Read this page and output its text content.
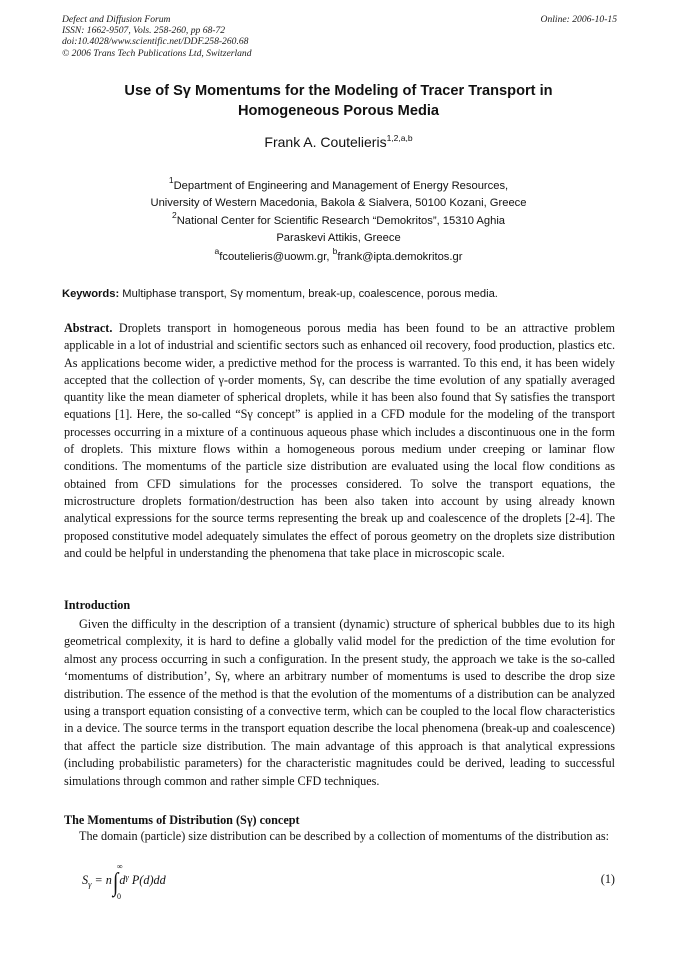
Defect and Diffusion Forum
ISSN: 1662-9507, Vols. 258-260, pp 68-72
doi:10.4028/www.scientific.net/DDF.258-260.68
© 2006 Trans Tech Publications Ltd, Switzerland
Online: 2006-10-15
Use of Sγ Momentums for the Modeling of Tracer Transport in
Homogeneous Porous Media
Frank A. Coutelieris$^{1,2,a,b}$
$^1$Department of Engineering and Management of Energy Resources,
University of Western Macedonia, Bakola & Sialvera, 50100 Kozani, Greece
$^2$National Center for Scientific Research “Demokritos”, 15310 Aghia
Paraskevi Attikis, Greece
$^a$fcoutelieris@uowm.gr, $^b$frank@ipta.demokritos.gr
Keywords: Multiphase transport, Sγ momentum, break-up, coalescence, porous media.
Abstract. Droplets transport in homogeneous porous media has been found to be an attractive problem applicable in a lot of industrial and scientific sectors such as enhanced oil recovery, food production, plastics etc. As applications become wider, a predictive method for the process is warranted. To this end, it has been widely accepted that the collection of γ-order moments, Sγ, can describe the time evolution of any spatially averaged quantity like the mean diameter of spherical droplets, while it has been also found that Sγ satisfies the transport equations [1]. Here, the so-called “Sγ concept” is applied in a CFD module for the modeling of the transport processes occurring in a mixture of a continuous aqueous phase which includes a discontinuous one in the form of droplets. This mixture flows within a homogeneous porous medium under creeping or laminar flow conditions. The momentums of the particle size distribution are evaluated using the local flow conditions as obtained from CFD simulations for the processes considered. To solve the transport equations, the microstructure droplets formation/destruction has been also taken into account by using already known analytical expressions for the source terms representing the break up and coalescence of the droplets [2-4]. The proposed constitutive model adequately simulates the effect of porous geometry on the droplets size distribution and could be helpful in understanding the phenomena that take place in microscopic scale.
Introduction
Given the difficulty in the description of a transient (dynamic) structure of spherical bubbles due to its high geometrical complexity, it is hard to define a globally valid model for the prediction of the time evolution for almost any process occurring in such a configuration. In the present study, the approach we take is the so-called ‘momentums of distribution’, Sγ, where an arbitrary number of momentums is used to describe the drop size distribution. The essence of the method is that the evolution of the momentums of a distribution can be analyzed using a transport equation consisting of a convective term, which can be coupled to the local flow characteristics in a device. The source terms in the transport equation describe the local phenomena (break-up and coalescence) that affect the particle size distribution. The main advantage of this approach is that analytical expressions (including probabilistic parameters) for the characteristic magnitudes could be derived, leading to successful simulations through common and rather simple CFD techniques.
The Momentums of Distribution (Sγ) concept
The domain (particle) size distribution can be described by a collection of momentums of the distribution as:
∞
0
$S_\gamma = n\int d^\gamma$ P(d)dd	(1)
